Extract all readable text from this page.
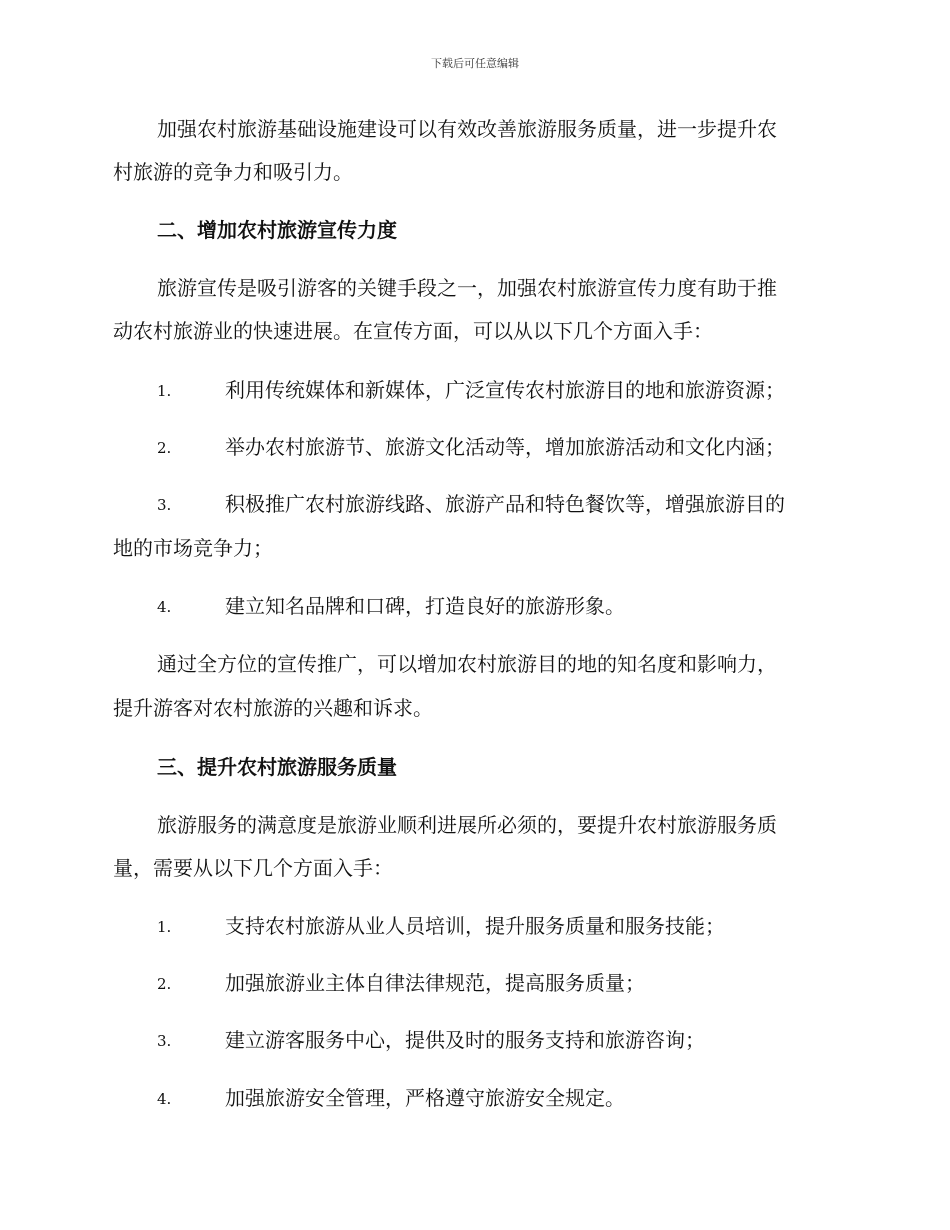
下载后可任意编辑
加强农村旅游基础设施建设可以有效改善旅游服务质量，进一步提升农
村旅游的竞争力和吸引力。
二、增加农村旅游宣传力度
旅游宣传是吸引游客的关键手段之一，加强农村旅游宣传力度有助于推
动农村旅游业的快速进展。在宣传方面，可以从以下几个方面入手：
1.	利用传统媒体和新媒体，广泛宣传农村旅游目的地和旅游资源；
2.	举办农村旅游节、旅游文化活动等，增加旅游活动和文化内涵；
3.	积极推广农村旅游线路、旅游产品和特色餐饮等，增强旅游目的
地的市场竞争力；
4.	建立知名品牌和口碑，打造良好的旅游形象。
通过全方位的宣传推广，可以增加农村旅游目的地的知名度和影响力，
提升游客对农村旅游的兴趣和诉求。
三、提升农村旅游服务质量
旅游服务的满意度是旅游业顺利进展所必须的，要提升农村旅游服务质
量，需要从以下几个方面入手：
1.	支持农村旅游从业人员培训，提升服务质量和服务技能；
2.	加强旅游业主体自律法律规范，提高服务质量；
3.	建立游客服务中心，提供及时的服务支持和旅游咨询；
4.	加强旅游安全管理，严格遵守旅游安全规定。
